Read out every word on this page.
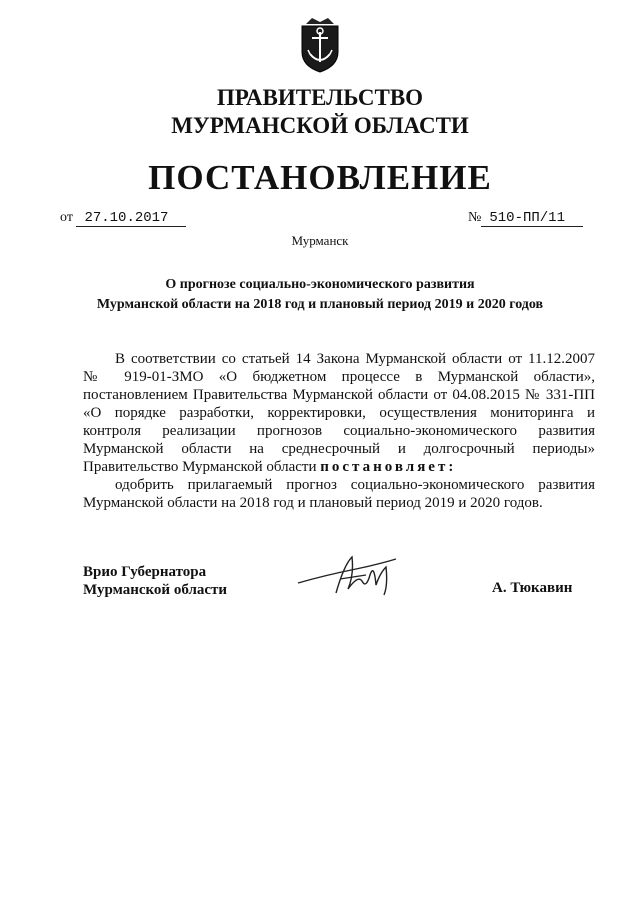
ПРАВИТЕЛЬСТВО
МУРМАНСКОЙ ОБЛАСТИ
ПОСТАНОВЛЕНИЕ
от 27.10.2017	№ 510-ПП/11
Мурманск
О прогнозе социально-экономического развития
Мурманской области на 2018 год и плановый период 2019 и 2020 годов
В соответствии со статьей 14 Закона Мурманской области от 11.12.2007
№ 919-01-ЗМО «О бюджетном процессе в Мурманской области»,
постановлением Правительства Мурманской области от 04.08.2015 № 331-ПП
«О порядке разработки, корректировки, осуществления мониторинга и
контроля реализации прогнозов социально-экономического развития
Мурманской области на среднесрочный и долгосрочный периоды»
Правительство Мурманской области постановляет:
одобрить прилагаемый прогноз социально-экономического развития
Мурманской области на 2018 год и плановый период 2019 и 2020 годов.
Врио Губернатора
Мурманской области	А. Тюкавин
